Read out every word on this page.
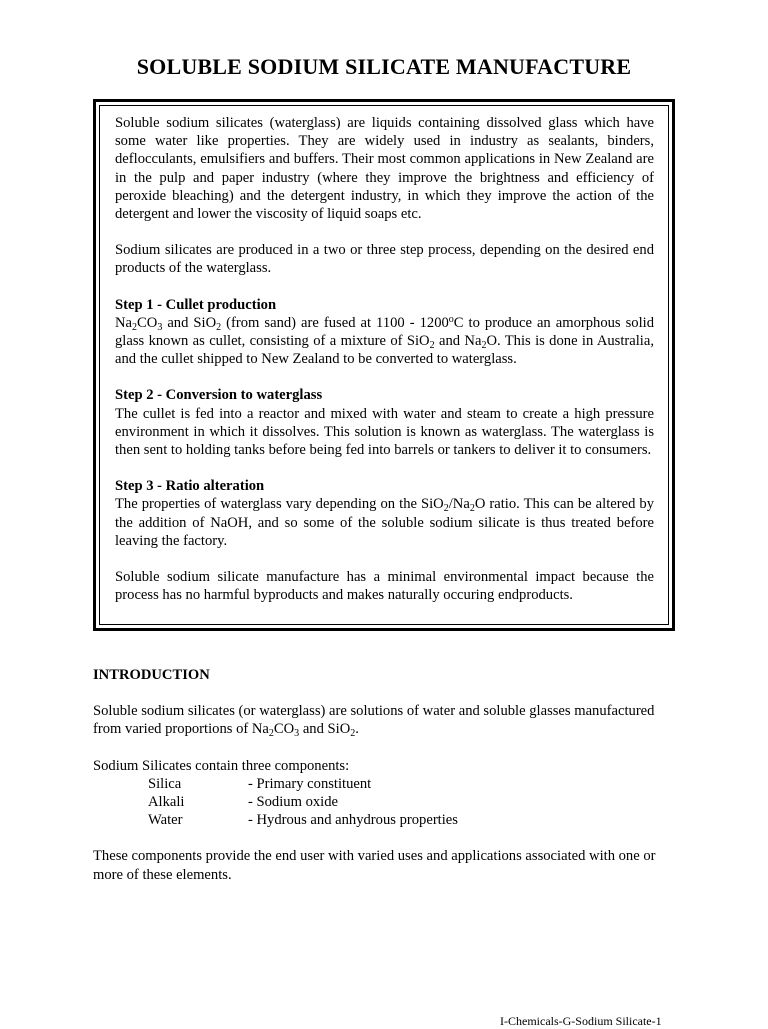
SOLUBLE SODIUM SILICATE MANUFACTURE

Soluble sodium silicates (waterglass) are liquids containing dissolved glass which have some water like properties. They are widely used in industry as sealants, binders, deflocculants, emulsifiers and buffers. Their most common applications in New Zealand are in the pulp and paper industry (where they improve the brightness and efficiency of peroxide bleaching) and the detergent industry, in which they improve the action of the detergent and lower the viscosity of liquid soaps etc.

Sodium silicates are produced in a two or three step process, depending on the desired end products of the waterglass.

Step 1 - Cullet production
$Na_2CO_3$ and SiO$_2$ (from sand) are fused at 1100 - 1200$^o$C to produce an amorphous solid glass known as cullet, consisting of a mixture of SiO$_2$ and $Na_2O$. This is done in Australia, and the cullet shipped to New Zealand to be converted to waterglass.

Step 2 - Conversion to waterglass
The cullet is fed into a reactor and mixed with water and steam to create a high pressure environment in which it dissolves. This solution is known as waterglass. The waterglass is then sent to holding tanks before being fed into barrels or tankers to deliver it to consumers.

Step 3 - Ratio alteration
The properties of waterglass vary depending on the $SiO_2/Na_2O$ ratio. This can be altered by the addition of NaOH, and so some of the soluble sodium silicate is thus treated before leaving the factory.

Soluble sodium silicate manufacture has a minimal environmental impact because the process has no harmful byproducts and makes naturally occuring endproducts.

INTRODUCTION

Soluble sodium silicates (or waterglass) are solutions of water and soluble glasses manufactured from varied proportions of $Na_2CO_3$ and SiO$_2$.

Sodium Silicates contain three components:
Silica	- Primary constituent
Alkali	- Sodium oxide
Water	- Hydrous and anhydrous properties

These components provide the end user with varied uses and applications associated with one or more of these elements.

I-Chemicals-G-Sodium Silicate-1
